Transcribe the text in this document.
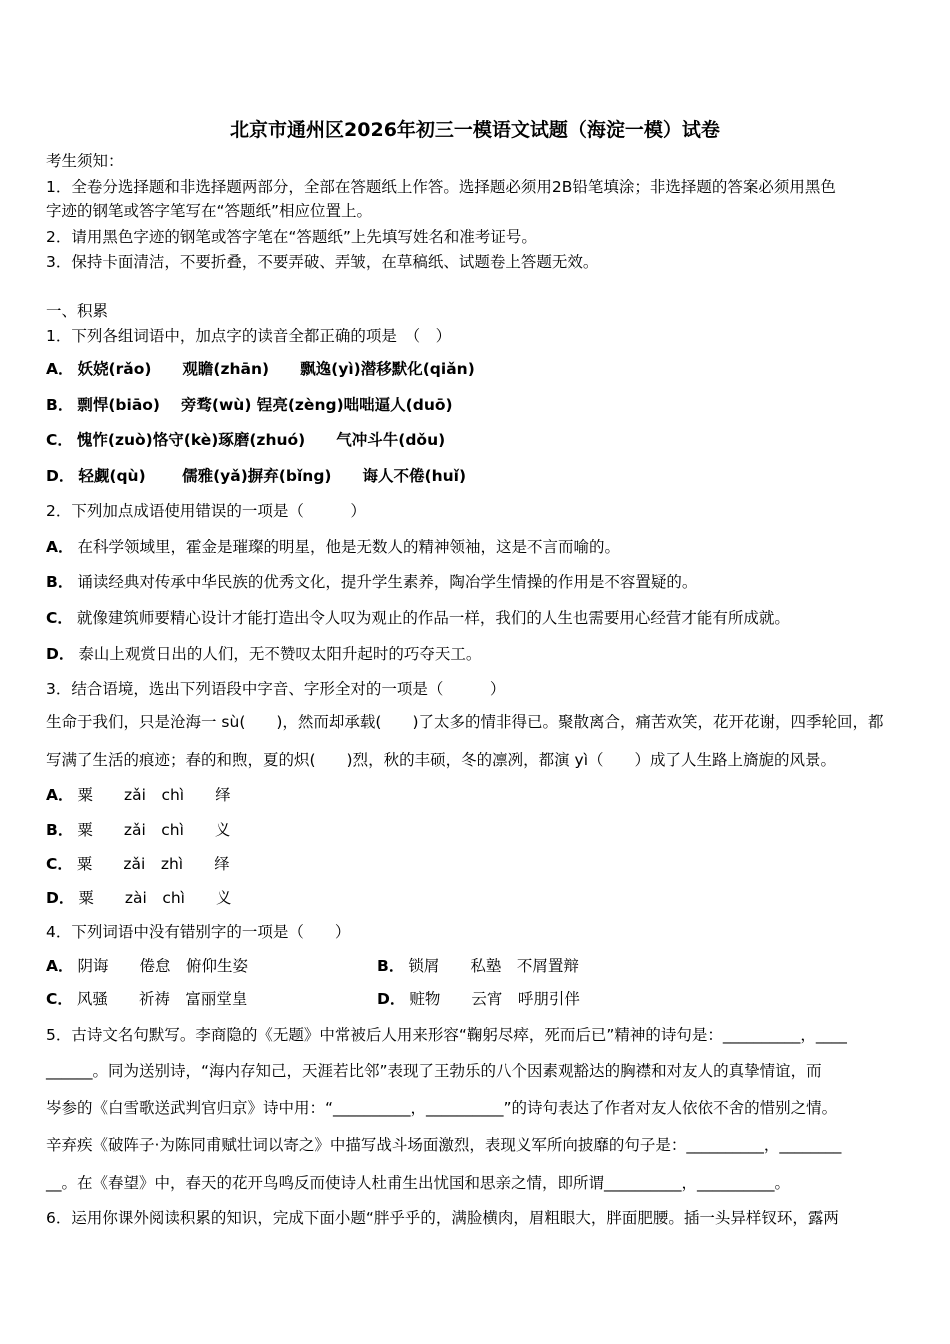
北京市通州区2026年初三一模语文试题（海淀一模）试卷
考生须知：
1．全卷分选择题和非选择题两部分，全部在答题纸上作答。选择题必须用2B铅笔填涂；非选择题的答案必须用黑色
字迹的钢笔或答字笔写在“答题纸”相应位置上。
2．请用黑色字迹的钢笔或答字笔在“答题纸”上先填写姓名和准考证号。
3．保持卡面清洁，不要折叠，不要弄破、弄皱，在草稿纸、试题卷上答题无效。
一、积累
1．下列各组词语中，加点字的读音全都正确的项是　（　）
A． 妖娆(rǎo)　　观瞻(zhān)　　飘逸(yì)潜移默化(qiǎn)
B． 剽悍(biāo)　 旁骛(wù) 锃亮(zèng)咄咄逼人(duō)
C． 愧怍(zuò)恪守(kè)琢磨(zhuó)　　气冲斗牛(dǒu)
D． 轻觑(qù)　　 儒雅(yǎ)摒弃(bǐng)　　诲人不倦(huǐ)
2．下列加点成语使用错误的一项是（　　　）
A． 在科学领域里，霍金是璀璨的明星，他是无数人的精神领袖，这是不言而喻的。
B． 诵读经典对传承中华民族的优秀文化，提升学生素养，陶冶学生情操的作用是不容置疑的。
C． 就像建筑师要精心设计才能打造出令人叹为观止的作品一样，我们的人生也需要用心经营才能有所成就。
D． 泰山上观赏日出的人们，无不赞叹太阳升起时的巧夺天工。
3．结合语境，选出下列语段中字音、字形全对的一项是（　　　）
生命于我们，只是沧海一 sù(　　)，然而却承载(　　)了太多的情非得已。聚散离合，痛苦欢笑，花开花谢，四季轮回，都
写满了生活的痕迹；春的和煦，夏的炽(　　)烈，秋的丰硕，冬的凛冽，都演 yì（　　）成了人生路上旖旎的风景。
A． 粟　　zǎi　chì　　绎
B． 粟　　zǎi　chì　　义
C． 粟　　zǎi　zhì　　绎
D． 粟　　zài　chì　　义
4．下列词语中没有错别字的一项是（　　）
A． 阴诲　　倦怠　俯仰生姿	B． 锁屑　　私塾　不屑置辩
C． 风骚　　祈祷　富丽堂皇	D． 赃物　　云宵　呼朋引伴
5．古诗文名句默写。李商隐的《无题》中常被后人用来形容“鞠躬尽瘁，死而后已”精神的诗句是：__________，____
______。同为送别诗，“海内存知己，天涯若比邻”表现了王勃乐的八个因素观豁达的胸襟和对友人的真挚情谊，而
岑参的《白雪歌送武判官归京》诗中用：“__________，__________”的诗句表达了作者对友人依依不舍的惜别之情。
辛弃疾《破阵子·为陈同甫赋壮词以寄之》中描写战斗场面激烈，表现义军所向披靡的句子是：__________，________
__。在《春望》中，春天的花开鸟鸣反而使诗人杜甫生出忧国和思亲之情，即所谓__________，__________。
6．运用你课外阅读积累的知识，完成下面小题“胖乎乎的，满脸横肉，眉粗眼大，胖面肥腰。插一头异样钗环，露两
